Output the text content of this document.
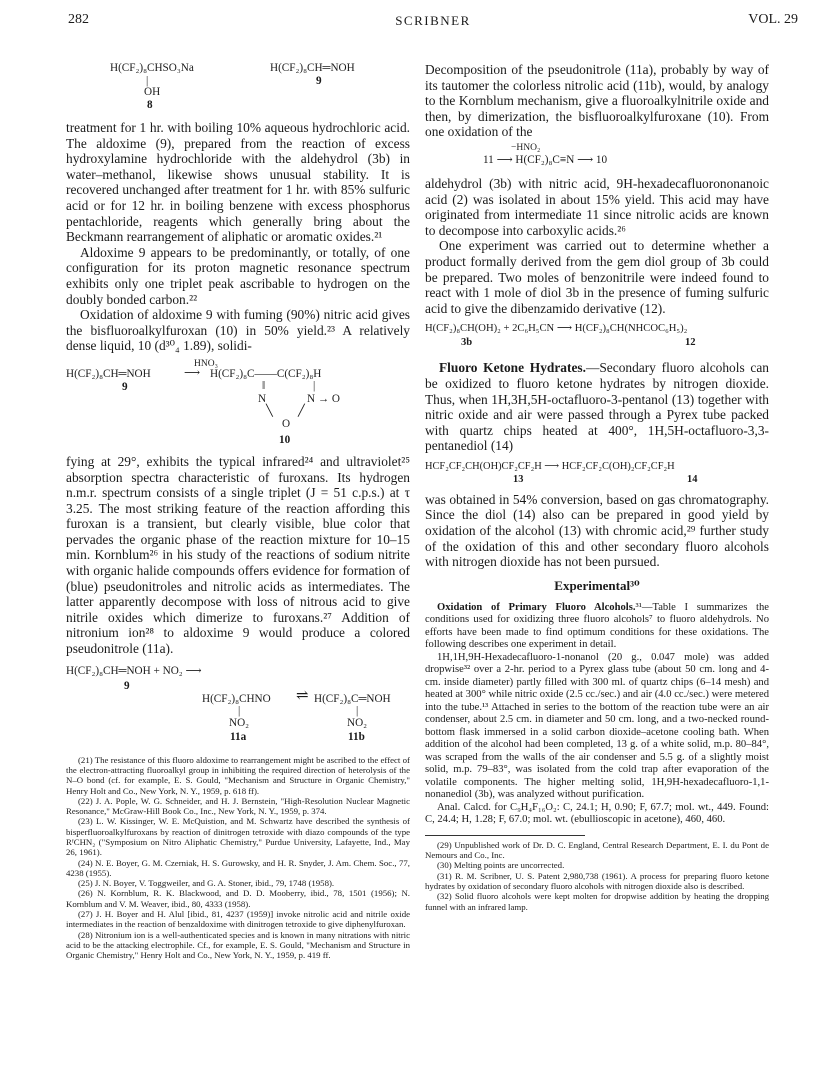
282	SCRIBNER	VOL. 29
H(CF₂)₈CHSO₃Na
|
OH
8
H(CF₂)₈CH═NOH
9

treatment for 1 hr. with boiling 10% aqueous hydrochloric acid. The aldoxime (9), prepared from the reaction of excess hydroxylamine hydrochloride with the aldehydrol (3b) in water–methanol, likewise shows unusual stability. It is recovered unchanged after treatment for 1 hr. with 85% sulfuric acid or for 12 hr. in boiling benzene with excess phosphorus pentachloride, reagents which generally bring about the Beckmann rearrangement of aliphatic or aromatic oxides.²¹

Aldoxime 9 appears to be predominantly, or totally, of one configuration for its proton magnetic resonance spectrum exhibits only one triplet peak ascribable to hydrogen on the doubly bonded carbon.²²

Oxidation of aldoxime 9 with fuming (90%) nitric acid gives the bisfluoroalkylfuroxan (10) in 50% yield.²³ A relatively dense liquid, 10 (d³⁰₄ 1.89), solidi-

HNO₃
H(CF₂)₈CH═NOH	⟶ H(CF₂)₈C——C(CF₂)₈H
9	‖	|
N	N → O
╲ ╱
O
10

fying at 29°, exhibits the typical infrared²⁴ and ultraviolet²⁵ absorption spectra characteristic of furoxans. Its hydrogen n.m.r. spectrum consists of a single triplet (J = 51 c.p.s.) at τ 3.25. The most striking feature of the reaction affording this furoxan is a transient, but clearly visible, blue color that pervades the organic phase of the reaction mixture for 10–15 min. Kornblum²⁶ in his study of the reactions of sodium nitrite with organic halide compounds offers evidence for formation of (blue) pseudonitroles and nitrolic acids as intermediates. The latter apparently decompose with loss of nitrous acid to give nitrile oxides which dimerize to furoxans.²⁷ Addition of nitronium ion²⁸ to aldoxime 9 would produce a colored pseudonitrole (11a).

H(CF₂)₈CH═NOH + NO₂ ⟶
9
H(CF₂)₈CHNO ⇌ H(CF₂)₈C═NOH
|	|
NO₂	NO₂
11a	11b

(21) The resistance of this fluoro aldoxime to rearrangement might be ascribed to the effect of the electron-attracting fluoroalkyl group in inhibiting the required direction of heterolysis of the N–O bond (cf. for example, E. S. Gould, "Mechanism and Structure in Organic Chemistry," Henry Holt and Co., New York, N. Y., 1959, p. 618 ff).

(22) J. A. Pople, W. G. Schneider, and H. J. Bernstein, "High-Resolution Nuclear Magnetic Resonance," McGraw-Hill Book Co., Inc., New York, N. Y., 1959, p. 374.

(23) L. W. Kissinger, W. E. McQuistion, and M. Schwartz have described the synthesis of bisperfluoroalkylfuroxans by reaction of dinitrogen tetroxide with diazo compounds of the type RᶠCHN₂ ("Symposium on Nitro Aliphatic Chemistry," Purdue University, Lafayette, Ind., May 26, 1961).

(24) N. E. Boyer, G. M. Czerniak, H. S. Gurowsky, and H. R. Snyder, J. Am. Chem. Soc., 77, 4238 (1955).

(25) J. N. Boyer, V. Toggweiler, and G. A. Stoner, ibid., 79, 1748 (1958).

(26) N. Kornblum, R. K. Blackwood, and D. D. Mooberry, ibid., 78, 1501 (1956); N. Kornblum and V. M. Weaver, ibid., 80, 4333 (1958).

(27) J. H. Boyer and H. Alul [ibid., 81, 4237 (1959)] invoke nitrolic acid and nitrile oxide intermediates in the reaction of benzaldoxime with dinitrogen tetroxide to give diphenylfuroxan.

(28) Nitronium ion is a well-authenticated species and is known in many nitrations with nitric acid to be the attacking electrophile. Cf., for example, E. S. Gould, "Mechanism and Structure in Organic Chemistry," Henry Holt and Co., New York, N. Y., 1959, p. 419 ff.

Decomposition of the pseudonitrole (11a), probably by way of its tautomer the colorless nitrolic acid (11b), would, by analogy to the Kornblum mechanism, give a fluoroalkylnitrile oxide and then, by dimerization, the bisfluoroalkylfuroxane (10). From one oxidation of the

−HNO₂
11 ⟶ H(CF₂)₈C≡N ⟶ 10

aldehydrol (3b) with nitric acid, 9H-hexadecafluorononanoic acid (2) was isolated in about 15% yield. This acid may have originated from intermediate 11 since nitrolic acids are known to decompose into carboxylic acids.²⁶

One experiment was carried out to determine whether a product formally derived from the gem diol group of 3b could be prepared. Two moles of benzonitrile were indeed found to react with 1 mole of diol 3b in the presence of fuming sulfuric acid to give the dibenzamido derivative (12).

H(CF₂)₈CH(OH)₂ + 2C₆H₅CN ⟶ H(CF₂)₈CH(NHCOC₆H₅)₂
3b	12

Fluoro Ketone Hydrates.—Secondary fluoro alcohols can be oxidized to fluoro ketone hydrates by nitrogen dioxide. Thus, when 1H,3H,5H-octafluoro-3-pentanol (13) together with nitric oxide and air were passed through a Pyrex tube packed with quartz chips heated at 400°, 1H,5H-octafluoro-3,3-pentanediol (14)

HCF₂CF₂CH(OH)CF₂CF₂H ⟶ HCF₂CF₂C(OH)₂CF₂CF₂H
13	14

was obtained in 54% conversion, based on gas chromatography. Since the diol (14) also can be prepared in good yield by oxidation of the alcohol (13) with chromic acid,²⁹ further study of the oxidation of this and other secondary fluoro alcohols with nitrogen dioxide has not been pursued.

Experimental³⁰

Oxidation of Primary Fluoro Alcohols.³¹—Table I summarizes the conditions used for oxidizing three fluoro alcohols⁷ to fluoro aldehydrols. No efforts have been made to find optimum conditions for these oxidations. The following describes one experiment in detail.

1H,1H,9H-Hexadecafluoro-1-nonanol (20 g., 0.047 mole) was added dropwise³² over a 2-hr. period to a Pyrex glass tube (about 50 cm. long and 4-cm. inside diameter) partly filled with 300 ml. of quartz chips (6–14 mesh) and heated at 300° while nitric oxide (2.5 cc./sec.) and air (4.0 cc./sec.) were metered into the tube.¹³ Attached in series to the bottom of the reaction tube were an air condenser, about 2.5 cm. in diameter and 50 cm. long, and a two-necked round-bottom flask immersed in a solid carbon dioxide–acetone cooling bath. When addition of the alcohol had been completed, 13 g. of a white solid, m.p. 80–84°, was scraped from the walls of the air condenser and 5.5 g. of a slightly moist solid, m.p. 79–83°, was isolated from the cold trap after evaporation of the volatile components. The higher melting solid, 1H,9H-hexadecafluoro-1,1-nonanediol (3b), was analyzed without purification.

Anal. Calcd. for C₉H₄F₁₆O₂: C, 24.1; H, 0.90; F, 67.7; mol. wt., 449. Found: C, 24.4; H, 1.28; F, 67.0; mol. wt. (ebullioscopic in acetone), 460, 460.

(29) Unpublished work of Dr. D. C. England, Central Research Department, E. I. du Pont de Nemours and Co., Inc.

(30) Melting points are uncorrected.

(31) R. M. Scribner, U. S. Patent 2,980,738 (1961). A process for preparing fluoro ketone hydrates by oxidation of secondary fluoro alcohols with nitrogen dioxide also is described.

(32) Solid fluoro alcohols were kept molten for dropwise addition by heating the dropping funnel with an infrared lamp.
